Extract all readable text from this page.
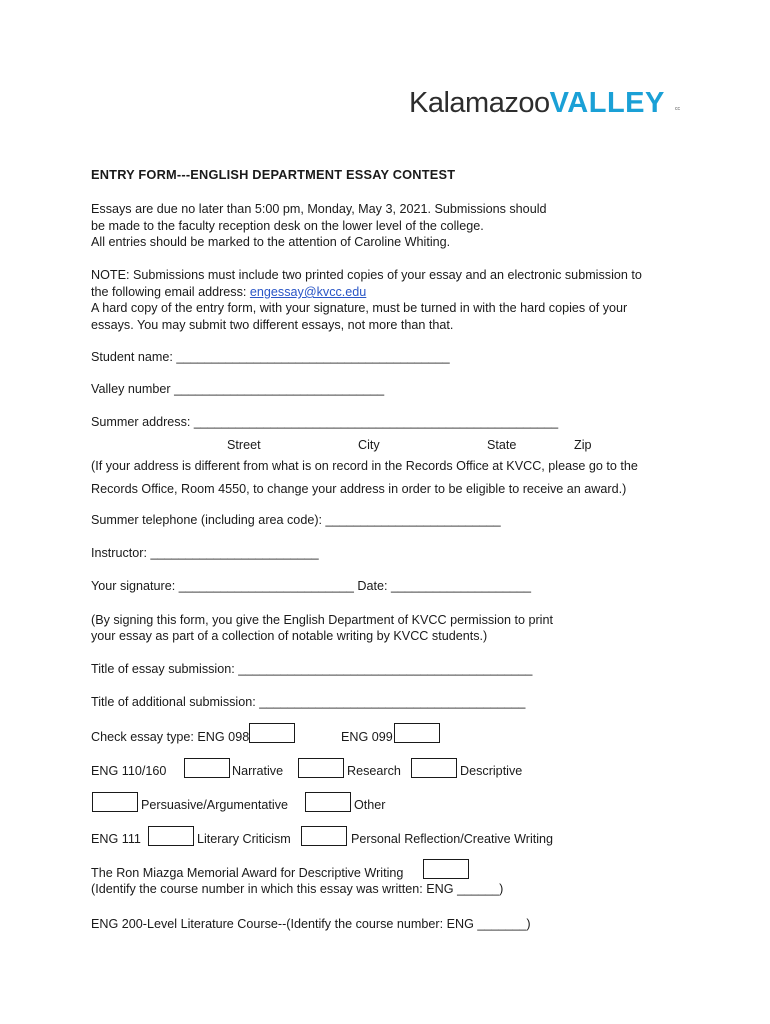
KalamazooVALLEY cc
ENTRY FORM---ENGLISH DEPARTMENT ESSAY CONTEST
Essays are due no later than 5:00 pm, Monday, May 3, 2021. Submissions should
be made to the faculty reception desk on the lower level of the college.
All entries should be marked to the attention of Caroline Whiting.
NOTE: Submissions must include two printed copies of your essay and an electronic submission to
the following email address: engessay@kvcc.edu
A hard copy of the entry form, with your signature, must be turned in with the hard copies of your
essays. You may submit two different essays, not more than that.
Student name: _______________________________________
Valley number ______________________________
Summer address: ____________________________________________________
Street	City	State	Zip
(If your address is different from what is on record in the Records Office at KVCC, please go to the
Records Office, Room 4550, to change your address in order to be eligible to receive an award.)
Summer telephone (including area code): _________________________
Instructor: ________________________
Your signature: _________________________ Date: ____________________
(By signing this form, you give the English Department of KVCC permission to print
your essay as part of a collection of notable writing by KVCC students.)
Title of essay submission: __________________________________________
Title of additional submission: ______________________________________
Check essay type: ENG 098	ENG 099
ENG 110/160	Narrative	Research	Descriptive
Persuasive/Argumentative	Other
ENG 111	Literary Criticism	Personal Reflection/Creative Writing
The Ron Miazga Memorial Award for Descriptive Writing
(Identify the course number in which this essay was written: ENG ______)
ENG 200-Level Literature Course--(Identify the course number: ENG _______)
